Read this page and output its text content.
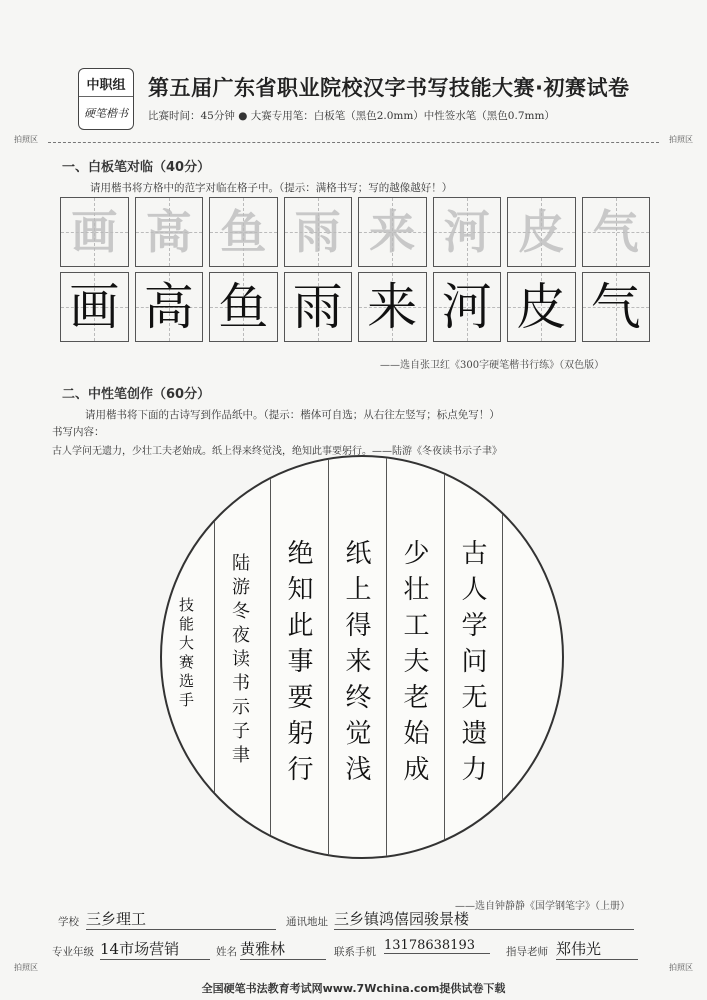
中职组
硬笔楷书
第五届广东省职业院校汉字书写技能大赛·初赛试卷
比赛时间：45分钟 ● 大赛专用笔：白板笔（黑色2.0mm）中性签水笔（黑色0.7mm）
拍照区	拍照区
一、白板笔对临（40分）
请用楷书将方格中的范字对临在格子中。（提示：满格书写；写的越像越好！）
画 高 鱼 雨 来 河 皮 气
画 高 鱼 雨 来 河 皮 气
——选自张卫红《300字硬笔楷书行练》（双色版）
二、中性笔创作（60分）
请用楷书将下面的古诗写到作品纸中。（提示：楷体可自选；从右往左竖写；标点免写！）
书写内容：
古人学问无遗力，少壮工夫老始成。纸上得来终觉浅，绝知此事要躬行。——陆游《冬夜读书示子聿》
古人学问无遗力
少壮工夫老始成
纸上得来终觉浅
绝知此事要躬行
陆游冬夜读书示子聿
技能大赛选手
——选自钟静静《国学钢笔字》（上册）
学校 三乡理工	通讯地址 三乡镇鸿僖园骏景楼
专业年级 14市场营销	姓名 黄雅林	联系手机 13178638193	指导老师 郑伟光
拍照区	拍照区
全国硬笔书法教育考试网www.7Wchina.com提供试卷下载
